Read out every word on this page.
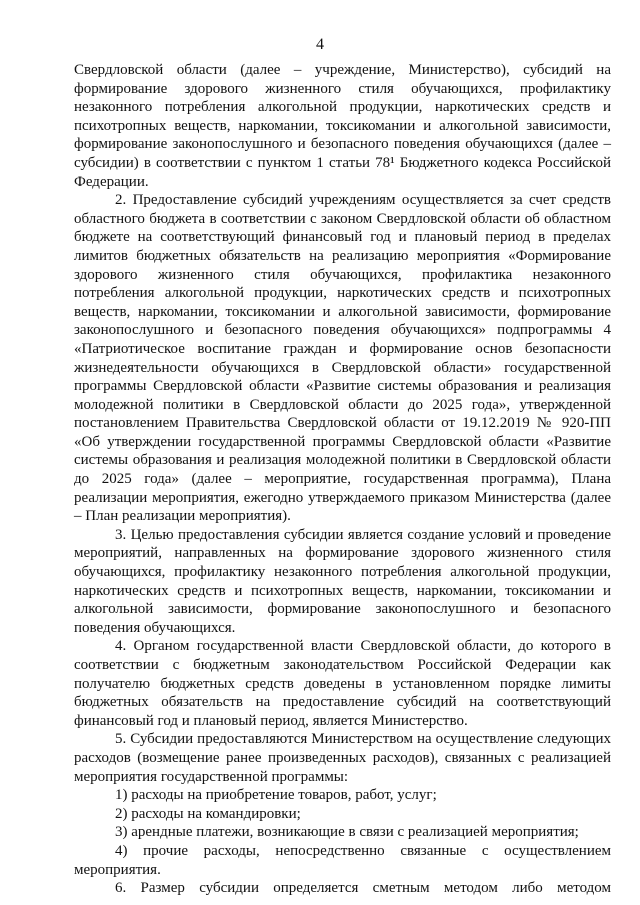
4

Свердловской области (далее – учреждение, Министерство), субсидий на формирование здорового жизненного стиля обучающихся, профилактику незаконного потребления алкогольной продукции, наркотических средств и психотропных веществ, наркомании, токсикомании и алкогольной зависимости, формирование законопослушного и безопасного поведения обучающихся (далее – субсидии) в соответствии с пунктом 1 статьи 78¹ Бюджетного кодекса Российской Федерации.

2. Предоставление субсидий учреждениям осуществляется за счет средств областного бюджета в соответствии с законом Свердловской области об областном бюджете на соответствующий финансовый год и плановый период в пределах лимитов бюджетных обязательств на реализацию мероприятия «Формирование здорового жизненного стиля обучающихся, профилактика незаконного потребления алкогольной продукции, наркотических средств и психотропных веществ, наркомании, токсикомании и алкогольной зависимости, формирование законопослушного и безопасного поведения обучающихся» подпрограммы 4 «Патриотическое воспитание граждан и формирование основ безопасности жизнедеятельности обучающихся в Свердловской области» государственной программы Свердловской области «Развитие системы образования и реализация молодежной политики в Свердловской области до 2025 года», утвержденной постановлением Правительства Свердловской области от 19.12.2019 № 920-ПП «Об утверждении государственной программы Свердловской области «Развитие системы образования и реализация молодежной политики в Свердловской области до 2025 года» (далее – мероприятие, государственная программа), Плана реализации мероприятия, ежегодно утверждаемого приказом Министерства (далее – План реализации мероприятия).

3. Целью предоставления субсидии является создание условий и проведение мероприятий, направленных на формирование здорового жизненного стиля обучающихся, профилактику незаконного потребления алкогольной продукции, наркотических средств и психотропных веществ, наркомании, токсикомании и алкогольной зависимости, формирование законопослушного и безопасного поведения обучающихся.

4. Органом государственной власти Свердловской области, до которого в соответствии с бюджетным законодательством Российской Федерации как получателю бюджетных средств доведены в установленном порядке лимиты бюджетных обязательств на предоставление субсидий на соответствующий финансовый год и плановый период, является Министерство.

5. Субсидии предоставляются Министерством на осуществление следующих расходов (возмещение ранее произведенных расходов), связанных с реализацией мероприятия государственной программы:

1) расходы на приобретение товаров, работ, услуг;

2) расходы на командировки;

3) арендные платежи, возникающие в связи с реализацией мероприятия;

4) прочие расходы, непосредственно связанные с осуществлением мероприятия.

6. Размер субсидии определяется сметным методом либо методом
